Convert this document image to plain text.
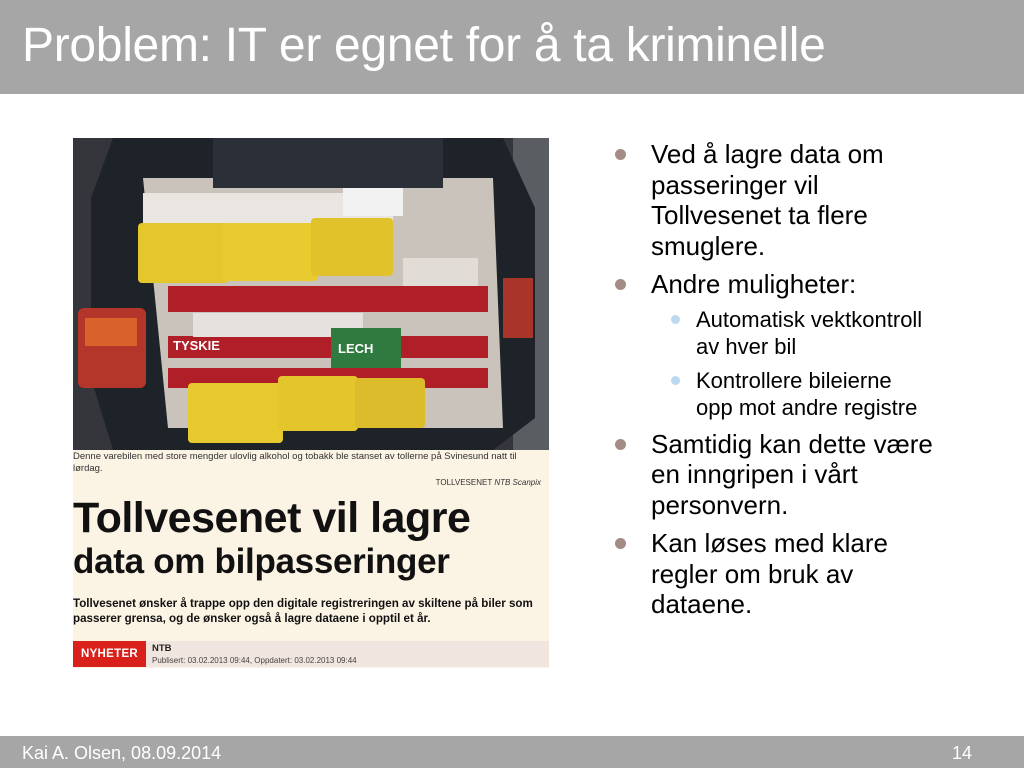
Problem: IT er egnet for å ta kriminelle
TYSKIE	LECH
Denne varebilen med store mengder ulovlig alkohol og tobakk ble stanset av tollerne på Svinesund natt til lørdag.
TOLLVESENET NTB Scanpix
Tollvesenet vil lagre
data om bilpasseringer
Tollvesenet ønsker å trappe opp den digitale registreringen av skiltene på biler som passerer grensa, og de ønsker også å lagre dataene i opptil et år.
NYHETER	NTB
Publisert: 03.02.2013 09:44, Oppdatert: 03.02.2013 09:44
Ved å lagre data om passeringer vil Tollvesenet ta flere smuglere.
Andre muligheter:
Automatisk vektkontroll av hver bil
Kontrollere bileierne opp mot andre registre
Samtidig kan dette være en inngripen i vårt personvern.
Kan løses med klare regler om bruk av dataene.
Kai A. Olsen, 08.09.2014	14
